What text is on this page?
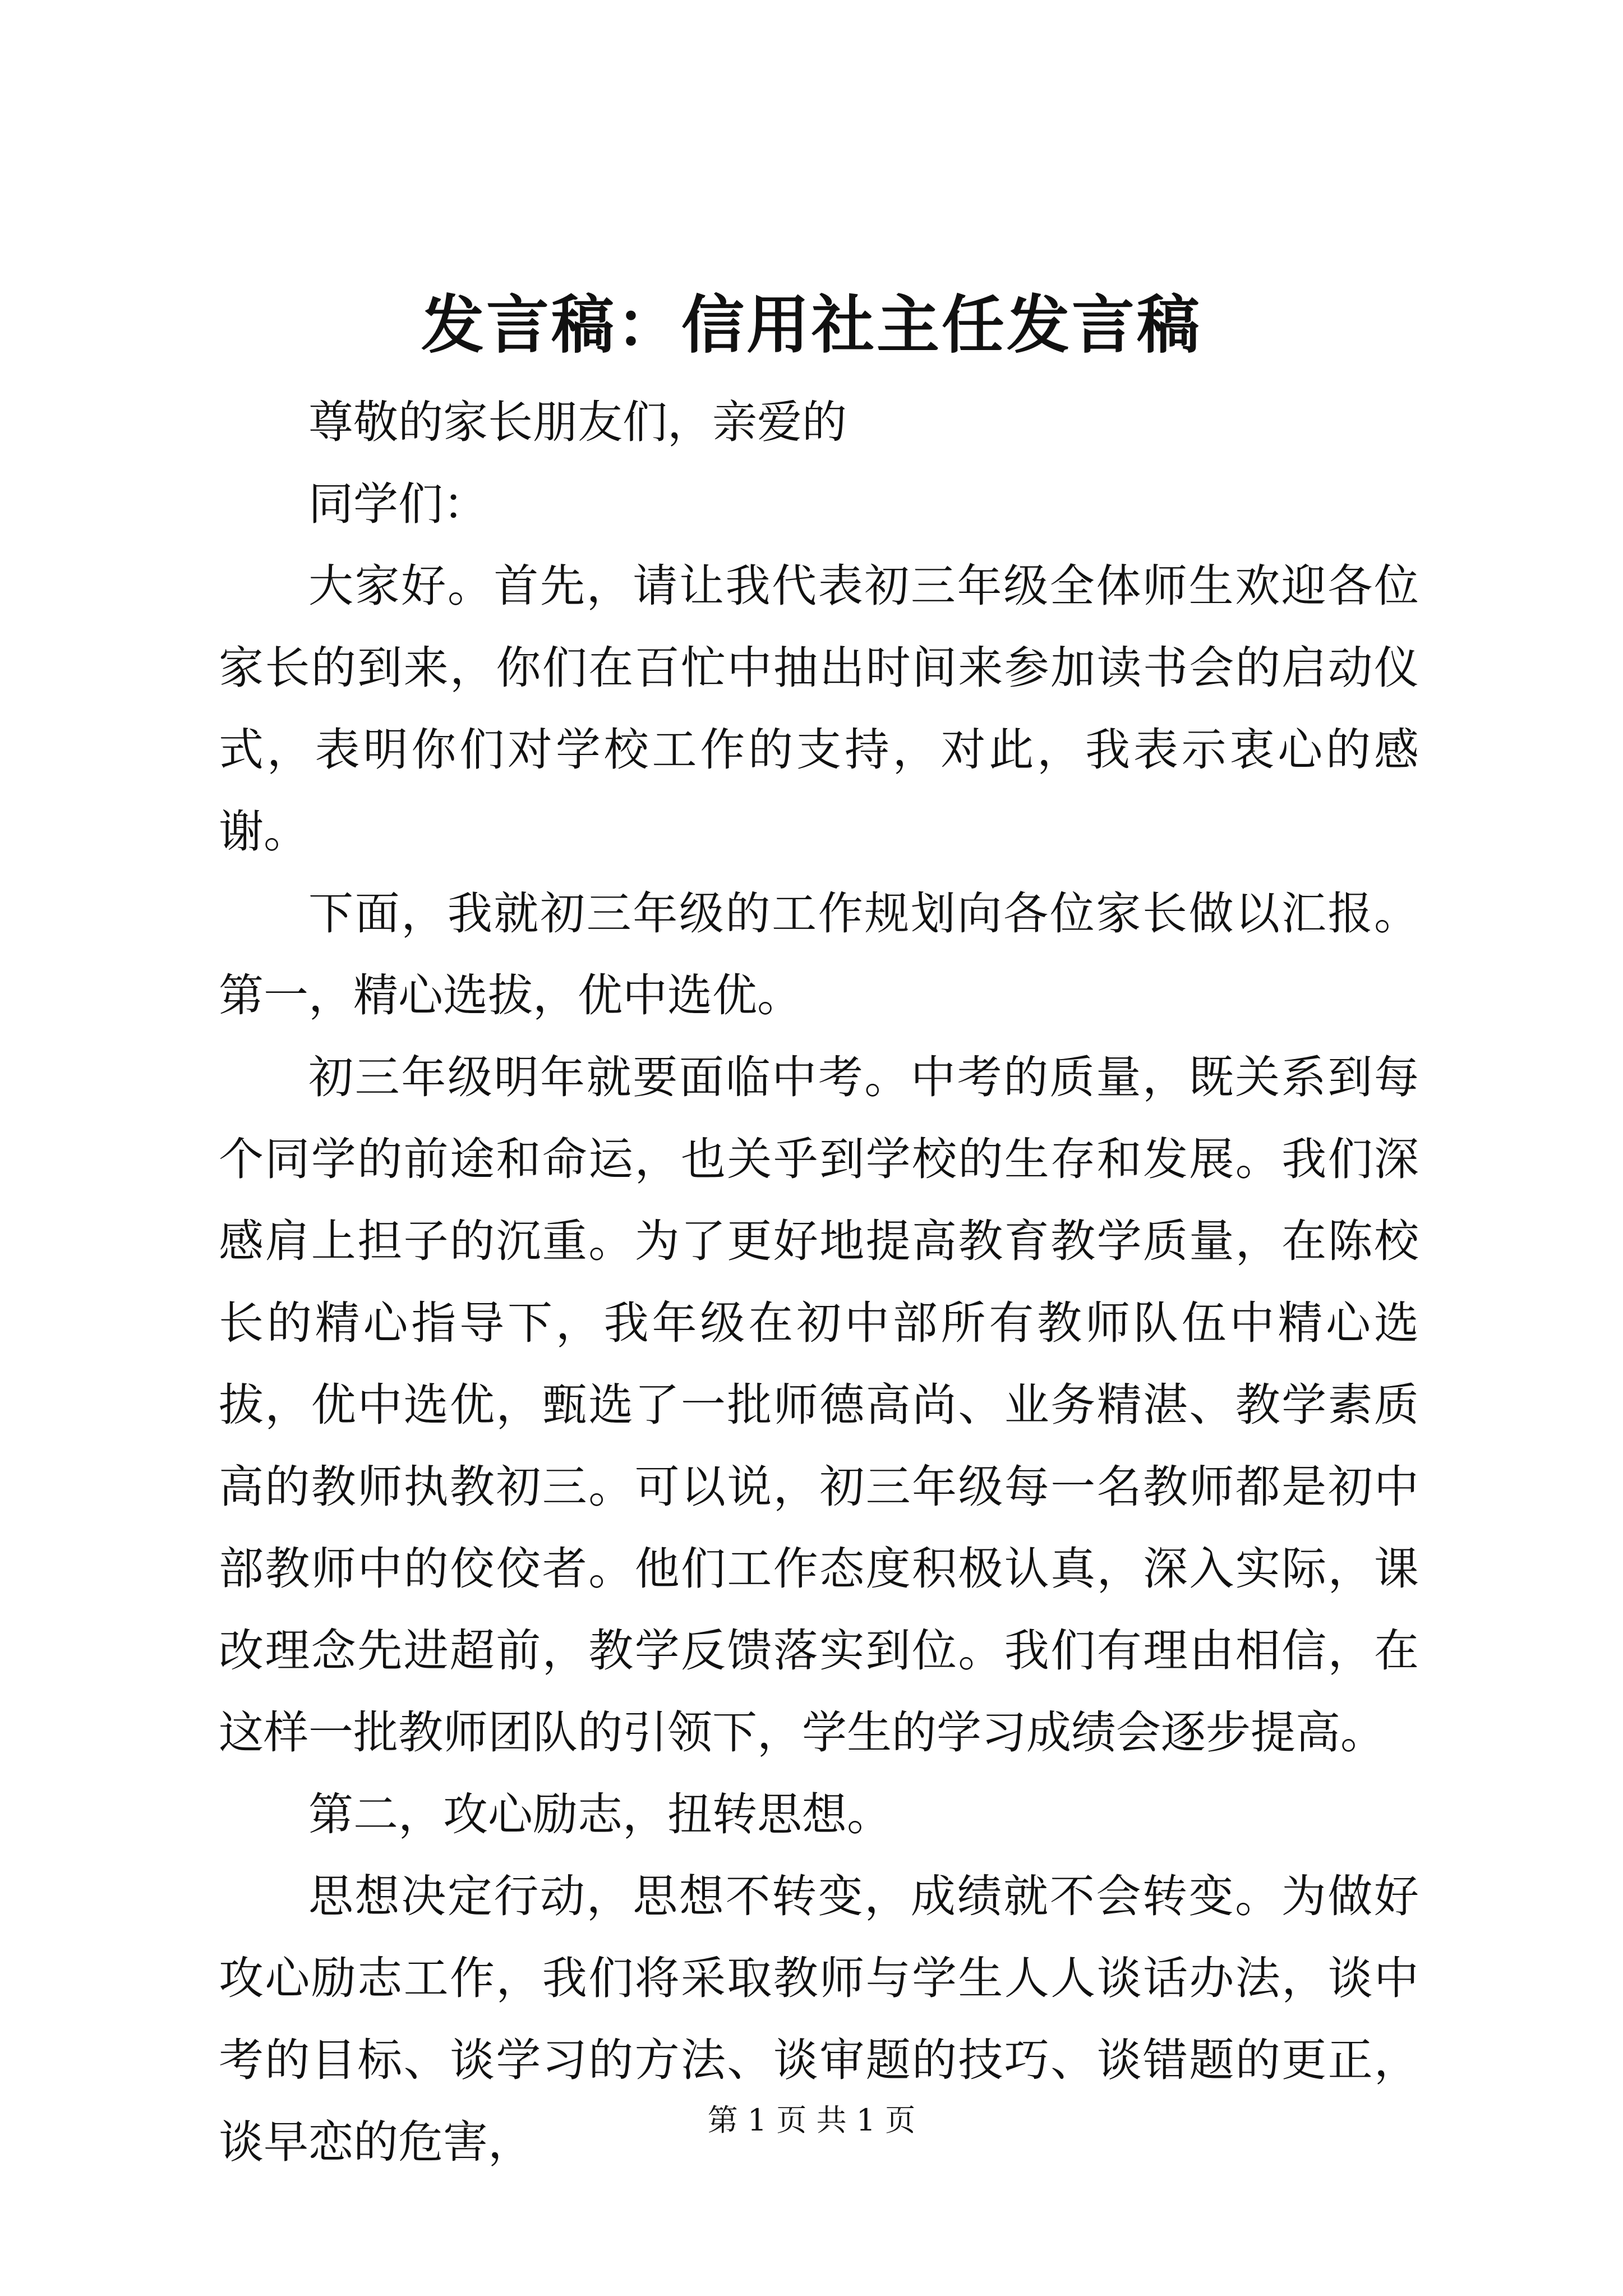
发言稿：信用社主任发言稿

尊敬的家长朋友们，亲爱的

同学们：

大家好。首先，请让我代表初三年级全体师生欢迎各位家长的到来，你们在百忙中抽出时间来参加读书会的启动仪式，表明你们对学校工作的支持，对此，我表示衷心的感谢。

下面，我就初三年级的工作规划向各位家长做以汇报。第一，精心选拔，优中选优。

初三年级明年就要面临中考。中考的质量，既关系到每个同学的前途和命运，也关乎到学校的生存和发展。我们深感肩上担子的沉重。为了更好地提高教育教学质量，在陈校长的精心指导下，我年级在初中部所有教师队伍中精心选拔，优中选优，甄选了一批师德高尚、业务精湛、教学素质高的教师执教初三。可以说，初三年级每一名教师都是初中部教师中的佼佼者。他们工作态度积极认真，深入实际，课改理念先进超前，教学反馈落实到位。我们有理由相信，在这样一批教师团队的引领下，学生的学习成绩会逐步提高。

第二，攻心励志，扭转思想。

思想决定行动，思想不转变，成绩就不会转变。为做好攻心励志工作，我们将采取教师与学生人人谈话办法，谈中考的目标、谈学习的方法、谈审题的技巧、谈错题的更正，谈早恋的危害，	第 1 页 共 1 页
